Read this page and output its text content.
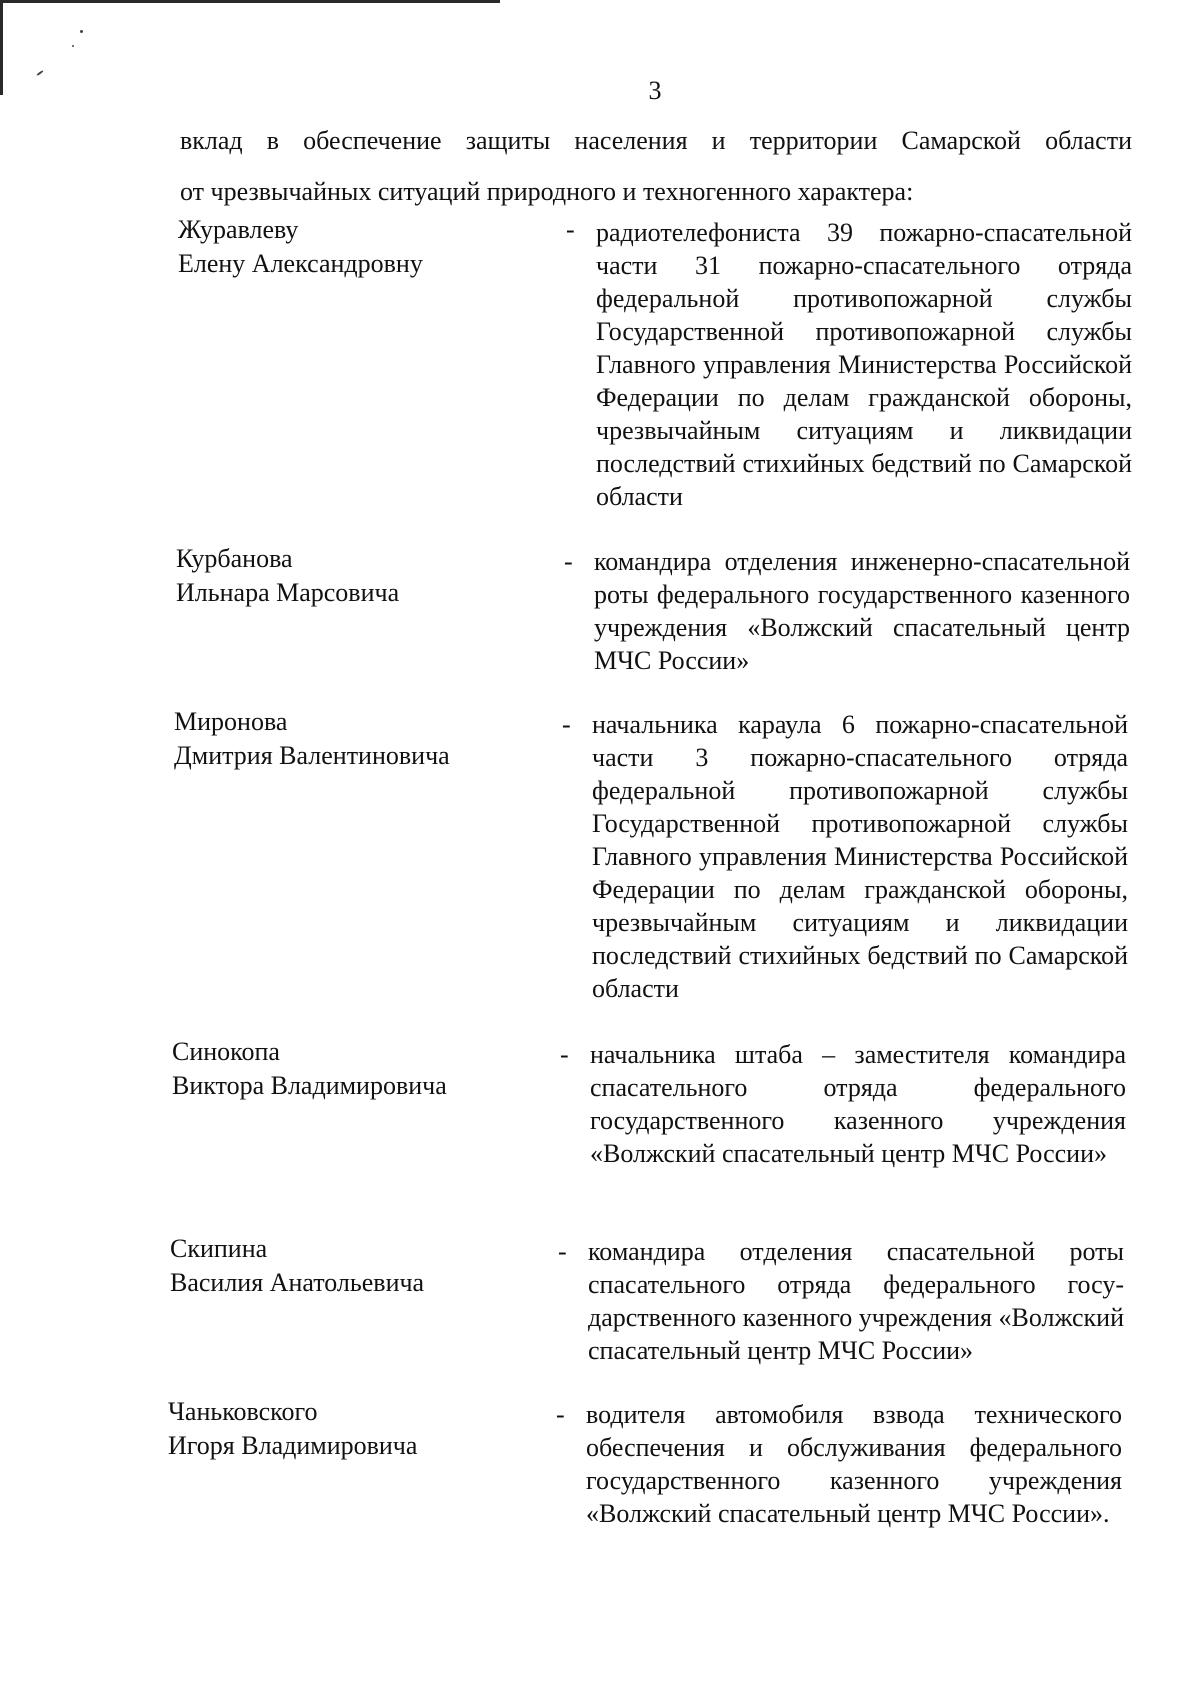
3
вклад в обеспечение защиты населения и территории Самарской области
от чрезвычайных ситуаций природного и техногенного характера:
Журавлеву
Елену Александровну
- радиотелефониста 39 пожарно-спасательной части 31 пожарно-спасательного отряда федеральной противопожарной службы Государственной противопожарной службы Главного управления Министерства Российской Федерации по делам гражданской обороны, чрезвычайным ситуациям и ликвидации последствий стихийных бедствий по Самарской области
Курбанова
Ильнара Марсовича
- командира отделения инженерно-спасательной роты федерального государственного казенного учреждения «Волжский спасательный центр МЧС России»
Миронова
Дмитрия Валентиновича
- начальника караула 6 пожарно-спасательной части 3 пожарно-спасательного отряда федеральной противопожарной службы Государственной противопожарной службы Главного управления Министерства Российской Федерации по делам гражданской обороны, чрезвычайным ситуациям и ликвидации последствий стихийных бедствий по Самарской области
Синокопа
Виктора Владимировича
- начальника штаба – заместителя командира спасательного отряда федерального государственного казенного учреждения «Волжский спасательный центр МЧС России»
Скипина
Василия Анатольевича
- командира отделения спасательной роты спасательного отряда федерального государственного казенного учреждения «Волжский спасательный центр МЧС России»
Чаньковского
Игоря Владимировича
- водителя автомобиля взвода технического обеспечения и обслуживания федерального государственного казенного учреждения «Волжский спасательный центр МЧС России».
